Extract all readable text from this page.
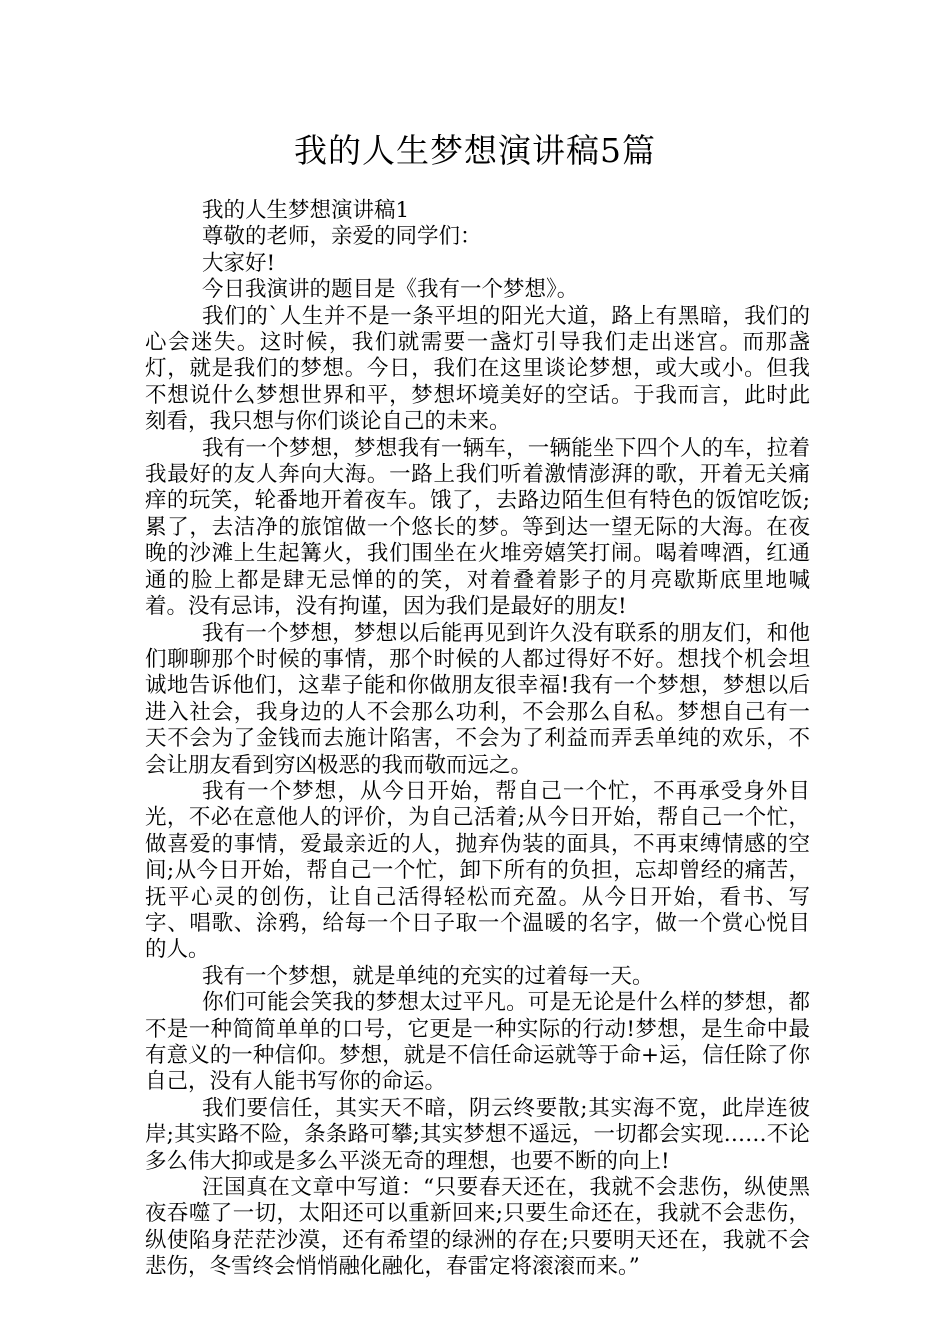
我的人生梦想演讲稿5篇

我的人生梦想演讲稿1

尊敬的老师，亲爱的同学们：

大家好!

今日我演讲的题目是《我有一个梦想》。

我们的`人生并不是一条平坦的阳光大道，路上有黑暗，我们的心会迷失。这时候，我们就需要一盏灯引导我们走出迷宫。而那盏灯，就是我们的梦想。今日，我们在这里谈论梦想，或大或小。但我不想说什么梦想世界和平，梦想坏境美好的空话。于我而言，此时此刻看，我只想与你们谈论自己的未来。

我有一个梦想，梦想我有一辆车，一辆能坐下四个人的车，拉着我最好的友人奔向大海。一路上我们听着激情澎湃的歌，开着无关痛痒的玩笑，轮番地开着夜车。饿了，去路边陌生但有特色的饭馆吃饭;累了，去洁净的旅馆做一个悠长的梦。等到达一望无际的大海。在夜晚的沙滩上生起篝火，我们围坐在火堆旁嬉笑打闹。喝着啤酒，红通通的脸上都是肆无忌惮的的笑，对着叠着影子的月亮歇斯底里地喊着。没有忌讳，没有拘谨，因为我们是最好的朋友!

我有一个梦想，梦想以后能再见到许久没有联系的朋友们，和他们聊聊那个时候的事情，那个时候的人都过得好不好。想找个机会坦诚地告诉他们，这辈子能和你做朋友很幸福!我有一个梦想，梦想以后进入社会，我身边的人不会那么功利，不会那么自私。梦想自己有一天不会为了金钱而去施计陷害，不会为了利益而弄丢单纯的欢乐，不会让朋友看到穷凶极恶的我而敬而远之。

我有一个梦想，从今日开始，帮自己一个忙，不再承受身外目光，不必在意他人的评价，为自己活着;从今日开始，帮自己一个忙，做喜爱的事情，爱最亲近的人，抛弃伪装的面具，不再束缚情感的空间;从今日开始，帮自己一个忙，卸下所有的负担，忘却曾经的痛苦，抚平心灵的创伤，让自己活得轻松而充盈。从今日开始，看书、写字、唱歌、涂鸦，给每一个日子取一个温暖的名字，做一个赏心悦目的人。

我有一个梦想，就是单纯的充实的过着每一天。

你们可能会笑我的梦想太过平凡。可是无论是什么样的梦想，都不是一种简简单单的口号，它更是一种实际的行动!梦想，是生命中最有意义的一种信仰。梦想，就是不信任命运就等于命+运，信任除了你自己，没有人能书写你的命运。

我们要信任，其实天不暗，阴云终要散;其实海不宽，此岸连彼岸;其实路不险，条条路可攀;其实梦想不遥远，一切都会实现……不论多么伟大抑或是多么平淡无奇的理想，也要不断的向上!

汪国真在文章中写道：“只要春天还在，我就不会悲伤，纵使黑夜吞噬了一切，太阳还可以重新回来;只要生命还在，我就不会悲伤，纵使陷身茫茫沙漠，还有希望的绿洲的存在;只要明天还在，我就不会悲伤，冬雪终会悄悄融化融化，春雷定将滚滚而来。”
